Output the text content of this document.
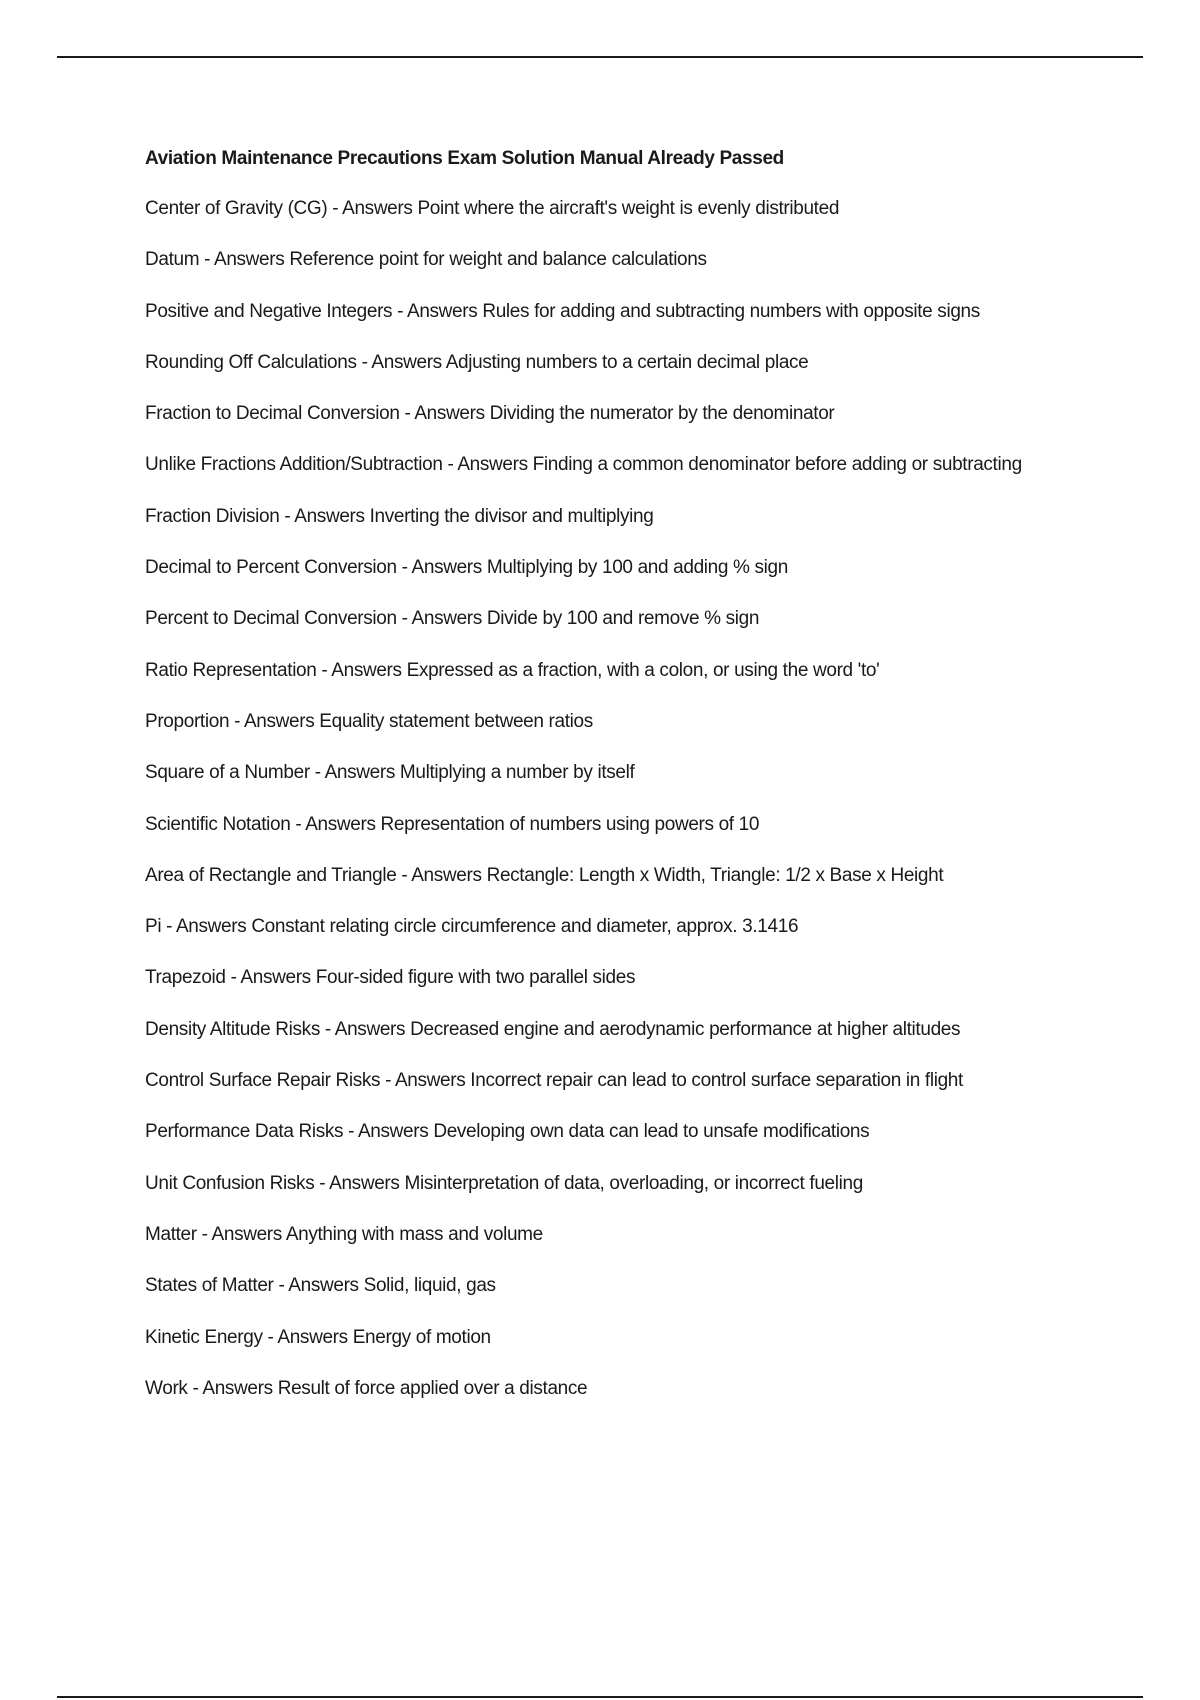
Aviation Maintenance Precautions Exam Solution Manual Already Passed
Center of Gravity (CG) - Answers Point where the aircraft's weight is evenly distributed
Datum - Answers Reference point for weight and balance calculations
Positive and Negative Integers - Answers Rules for adding and subtracting numbers with opposite signs
Rounding Off Calculations - Answers Adjusting numbers to a certain decimal place
Fraction to Decimal Conversion - Answers Dividing the numerator by the denominator
Unlike Fractions Addition/Subtraction - Answers Finding a common denominator before adding or subtracting
Fraction Division - Answers Inverting the divisor and multiplying
Decimal to Percent Conversion - Answers Multiplying by 100 and adding % sign
Percent to Decimal Conversion - Answers Divide by 100 and remove % sign
Ratio Representation - Answers Expressed as a fraction, with a colon, or using the word 'to'
Proportion - Answers Equality statement between ratios
Square of a Number - Answers Multiplying a number by itself
Scientific Notation - Answers Representation of numbers using powers of 10
Area of Rectangle and Triangle - Answers Rectangle: Length x Width, Triangle: 1/2 x Base x Height
Pi - Answers Constant relating circle circumference and diameter, approx. 3.1416
Trapezoid - Answers Four-sided figure with two parallel sides
Density Altitude Risks - Answers Decreased engine and aerodynamic performance at higher altitudes
Control Surface Repair Risks - Answers Incorrect repair can lead to control surface separation in flight
Performance Data Risks - Answers Developing own data can lead to unsafe modifications
Unit Confusion Risks - Answers Misinterpretation of data, overloading, or incorrect fueling
Matter - Answers Anything with mass and volume
States of Matter - Answers Solid, liquid, gas
Kinetic Energy - Answers Energy of motion
Work - Answers Result of force applied over a distance
